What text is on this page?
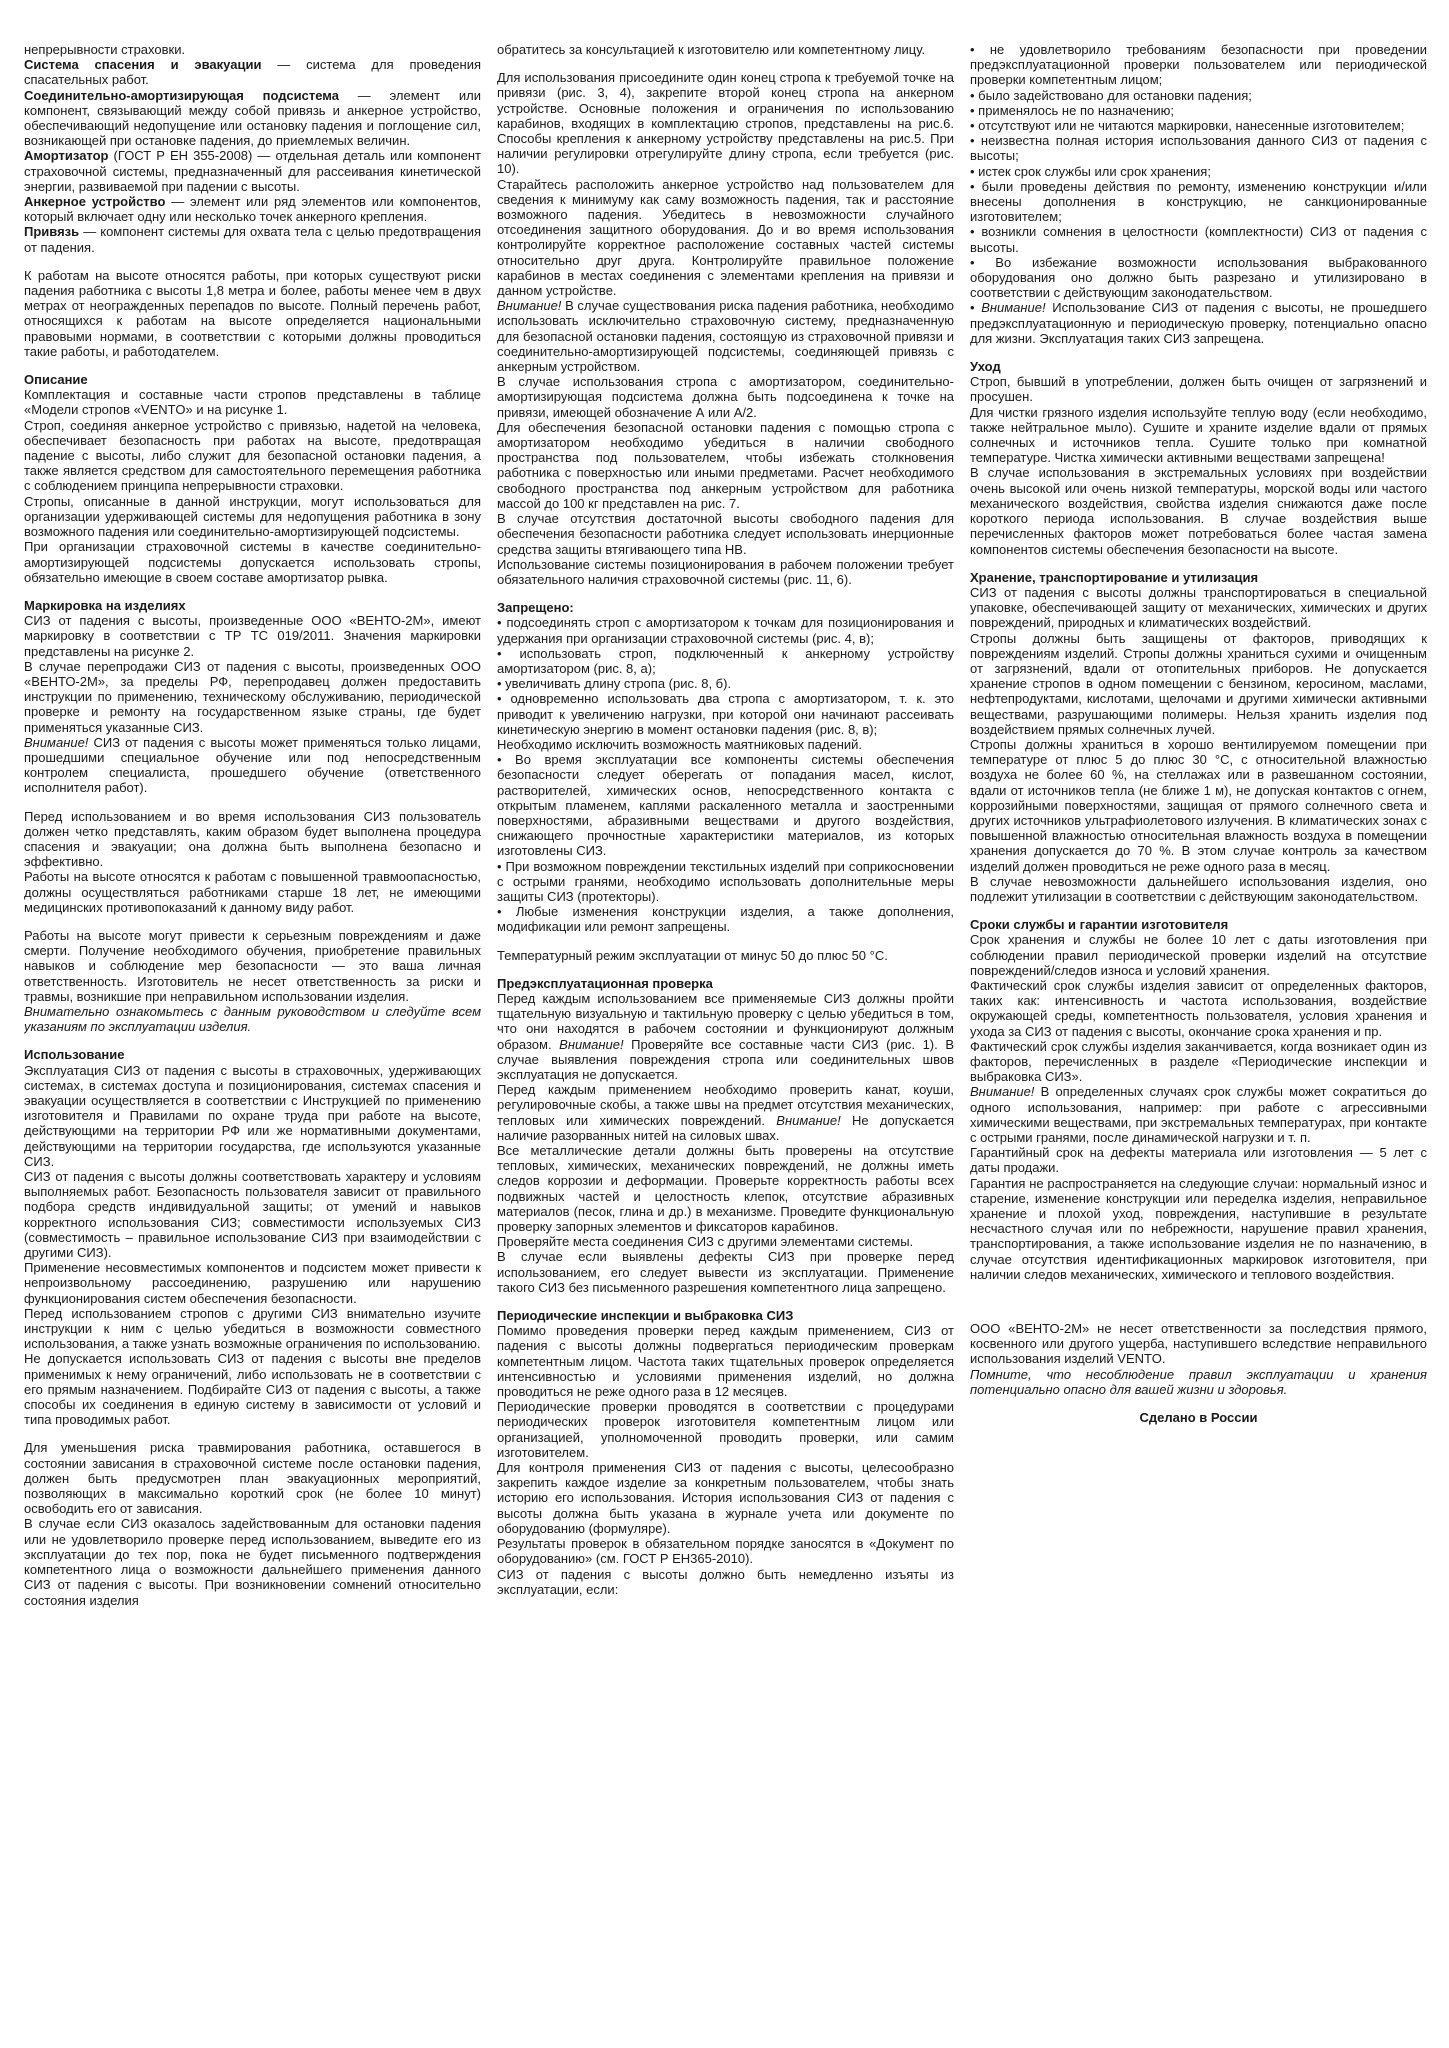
непрерывности страховки.

Система спасения и эвакуации — система для проведения спасательных работ.

Соединительно-амортизирующая подсистема — элемент или компонент, связывающий между собой привязь и анкерное устройство, обеспечивающий недопущение или остановку падения и поглощение сил, возникающей при остановке падения, до приемлемых величин.

Амортизатор (ГОСТ Р ЕН 355-2008) — отдельная деталь или компонент страховочной системы, предназначенный для рассеивания кинетической энергии, развиваемой при падении с высоты.

Анкерное устройство — элемент или ряд элементов или компонентов, который включает одну или несколько точек анкерного крепления.

Привязь — компонент системы для охвата тела с целью предотвращения от падения.

К работам на высоте относятся работы, при которых существуют риски падения работника с высоты 1,8 метра и более, работы менее чем в двух метрах от неогражденных перепадов по высоте. Полный перечень работ, относящихся к работам на высоте определяется национальными правовыми нормами, в соответствии с которыми должны проводиться такие работы, и работодателем.

Описание

Комплектация и составные части стропов представлены в таблице «Модели стропов «VENTO» и на рисунке 1.

Строп, соединяя анкерное устройство с привязью, надетой на человека, обеспечивает безопасность при работах на высоте, предотвращая падение с высоты, либо служит для безопасной остановки падения, а также является средством для самостоятельного перемещения работника с соблюдением принципа непрерывности страховки.

Стропы, описанные в данной инструкции, могут использоваться для организации удерживающей системы для недопущения работника в зону возможного падения или соединительно-амортизирующей подсистемы.

При организации страховочной системы в качестве соединительно-амортизирующей подсистемы допускается использовать стропы, обязательно имеющие в своем составе амортизатор рывка.

Маркировка на изделиях

СИЗ от падения с высоты, произведенные ООО «ВЕНТО-2М», имеют маркировку в соответствии с ТР ТС 019/2011. Значения маркировки представлены на рисунке 2.

В случае перепродажи СИЗ от падения с высоты, произведенных ООО «ВЕНТО-2М», за пределы РФ, перепродавец должен предоставить инструкции по применению, техническому обслуживанию, периодической проверке и ремонту на государственном языке страны, где будет применяться указанные СИЗ.

Внимание! СИЗ от падения с высоты может применяться только лицами, прошедшими специальное обучение или под непосредственным контролем специалиста, прошедшего обучение (ответственного исполнителя работ).

Перед использованием и во время использования СИЗ пользователь должен четко представлять, каким образом будет выполнена процедура спасения и эвакуации; она должна быть выполнена безопасно и эффективно.

Работы на высоте относятся к работам с повышенной травмоопасностью, должны осуществляться работниками старше 18 лет, не имеющими медицинских противопоказаний к данному виду работ.

Работы на высоте могут привести к серьезным повреждениям и даже смерти. Получение необходимого обучения, приобретение правильных навыков и соблюдение мер безопасности — это ваша личная ответственность. Изготовитель не несет ответственность за риски и травмы, возникшие при неправильном использовании изделия.

Внимательно ознакомьтесь с данным руководством и следуйте всем указаниям по эксплуатации изделия.

Использование

Эксплуатация СИЗ от падения с высоты в страховочных, удерживающих системах, в системах доступа и позиционирования, системах спасения и эвакуации осуществляется в соответствии с Инструкцией по применению изготовителя и Правилами по охране труда при работе на высоте, действующими на территории РФ или же нормативными документами, действующими на территории государства, где используются указанные СИЗ.

СИЗ от падения с высоты должны соответствовать характеру и условиям выполняемых работ. Безопасность пользователя зависит от правильного подбора средств индивидуальной защиты; от умений и навыков корректного использования СИЗ; совместимости используемых СИЗ (совместимость – правильное использование СИЗ при взаимодействии с другими СИЗ).

Применение несовместимых компонентов и подсистем может привести к непроизвольному рассоединению, разрушению или нарушению функционирования систем обеспечения безопасности.

Перед использованием стропов с другими СИЗ внимательно изучите инструкции к ним с целью убедиться в возможности совместного использования, а также узнать возможные ограничения по использованию.

Не допускается использовать СИЗ от падения с высоты вне пределов применимых к нему ограничений, либо использовать не в соответствии с его прямым назначением. Подбирайте СИЗ от падения с высоты, а также способы их соединения в единую систему в зависимости от условий и типа проводимых работ.

Для уменьшения риска травмирования работника, оставшегося в состоянии зависания в страховочной системе после остановки падения, должен быть предусмотрен план эвакуационных мероприятий, позволяющих в максимально короткий срок (не более 10 минут) освободить его от зависания.

В случае если СИЗ оказалось задействованным для остановки падения или не удовлетворило проверке перед использованием, выведите его из эксплуатации до тех пор, пока не будет письменного подтверждения компетентного лица о возможности дальнейшего применения данного СИЗ от падения с высоты. При возникновении сомнений относительно состояния изделия

обратитесь за консультацией к изготовителю или компетентному лицу.

Для использования присоедините один конец стропа к требуемой точке на привязи (рис. 3, 4), закрепите второй конец стропа на анкерном устройстве. Основные положения и ограничения по использованию карабинов, входящих в комплектацию стропов, представлены на рис.6. Способы крепления к анкерному устройству представлены на рис.5. При наличии регулировки отрегулируйте длину стропа, если требуется (рис. 10).

Старайтесь расположить анкерное устройство над пользователем для сведения к минимуму как саму возможность падения, так и расстояние возможного падения. Убедитесь в невозможности случайного отсоединения защитного оборудования. До и во время использования контролируйте корректное расположение составных частей системы относительно друг друга. Контролируйте правильное положение карабинов в местах соединения с элементами крепления на привязи и данном устройстве.

Внимание! В случае существования риска падения работника, необходимо использовать исключительно страховочную систему, предназначенную для безопасной остановки падения, состоящую из страховочной привязи и соединительно-амортизирующей подсистемы, соединяющей привязь с анкерным устройством.

В случае использования стропа с амортизатором, соединительно-амортизирующая подсистема должна быть подсоединена к точке на привязи, имеющей обозначение А или А/2.

Для обеспечения безопасной остановки падения с помощью стропа с амортизатором необходимо убедиться в наличии свободного пространства под пользователем, чтобы избежать столкновения работника с поверхностью или иными предметами. Расчет необходимого свободного пространства под анкерным устройством для работника массой до 100 кг представлен на рис. 7.

В случае отсутствия достаточной высоты свободного падения для обеспечения безопасности работника следует использовать инерционные средства защиты втягивающего типа НВ.

Использование системы позиционирования в рабочем положении требует обязательного наличия страховочной системы (рис. 11, 6).

Запрещено:

• подсоединять строп с амортизатором к точкам для позиционирования и удержания при организации страховочной системы (рис. 4, в);

• использовать строп, подключенный к анкерному устройству амортизатором (рис. 8, а);

• увеличивать длину стропа (рис. 8, б).

• одновременно использовать два стропа с амортизатором, т. к. это приводит к увеличению нагрузки, при которой они начинают рассеивать кинетическую энергию в момент остановки падения (рис. 8, в);

Необходимо исключить возможность маятниковых падений.

• Во время эксплуатации все компоненты системы обеспечения безопасности следует оберегать от попадания масел, кислот, растворителей, химических основ, непосредственного контакта с открытым пламенем, каплями раскаленного металла и заостренными поверхностями, абразивными веществами и другого воздействия, снижающего прочностные характеристики материалов, из которых изготовлены СИЗ.

• При возможном повреждении текстильных изделий при соприкосновении с острыми гранями, необходимо использовать дополнительные меры защиты СИЗ (протекторы).

• Любые изменения конструкции изделия, а также дополнения, модификации или ремонт запрещены.

Температурный режим эксплуатации от минус 50 до плюс 50 °С.

Предэксплуатационная проверка

Перед каждым использованием все применяемые СИЗ должны пройти тщательную визуальную и тактильную проверку с целью убедиться в том, что они находятся в рабочем состоянии и функционируют должным образом. Внимание! Проверяйте все составные части СИЗ (рис. 1). В случае выявления повреждения стропа или соединительных швов эксплуатация не допускается.

Перед каждым применением необходимо проверить канат, коуши, регулировочные скобы, а также швы на предмет отсутствия механических, тепловых или химических повреждений. Внимание! Не допускается наличие разорванных нитей на силовых швах.

Все металлические детали должны быть проверены на отсутствие тепловых, химических, механических повреждений, не должны иметь следов коррозии и деформации. Проверьте корректность работы всех подвижных частей и целостность клепок, отсутствие абразивных материалов (песок, глина и др.) в механизме. Проведите функциональную проверку запорных элементов и фиксаторов карабинов.

Проверяйте места соединения СИЗ с другими элементами системы.

В случае если выявлены дефекты СИЗ при проверке перед использованием, его следует вывести из эксплуатации. Применение такого СИЗ без письменного разрешения компетентного лица запрещено.

Периодические инспекции и выбраковка СИЗ

Помимо проведения проверки перед каждым применением, СИЗ от падения с высоты должны подвергаться периодическим проверкам компетентным лицом. Частота таких тщательных проверок определяется интенсивностью и условиями применения изделий, но должна проводиться не реже одного раза в 12 месяцев.

Периодические проверки проводятся в соответствии с процедурами периодических проверок изготовителя компетентным лицом или организацией, уполномоченной проводить проверки, или самим изготовителем.

Для контроля применения СИЗ от падения с высоты, целесообразно закрепить каждое изделие за конкретным пользователем, чтобы знать историю его использования. История использования СИЗ от падения с высоты должна быть указана в журнале учета или документе по оборудованию (формуляре).

Результаты проверок в обязательном порядке заносятся в «Документ по оборудованию» (см. ГОСТ Р ЕН365-2010).

СИЗ от падения с высоты должно быть немедленно изъяты из эксплуатации, если:

• не удовлетворило требованиям безопасности при проведении предэксплуатационной проверки пользователем или периодической проверки компетентным лицом;

• было задействовано для остановки падения;

• применялось не по назначению;

• отсутствуют или не читаются маркировки, нанесенные изготовителем;

• неизвестна полная история использования данного СИЗ от падения с высоты;

• истек срок службы или срок хранения;

• были проведены действия по ремонту, изменению конструкции и/или внесены дополнения в конструкцию, не санкционированные изготовителем;

• возникли сомнения в целостности (комплектности) СИЗ от падения с высоты.

• Во избежание возможности использования выбракованного оборудования оно должно быть разрезано и утилизировано в соответствии с действующим законодательством.

• Внимание! Использование СИЗ от падения с высоты, не прошедшего предэксплуатационную и периодическую проверку, потенциально опасно для жизни. Эксплуатация таких СИЗ запрещена.

Уход

Строп, бывший в употреблении, должен быть очищен от загрязнений и просушен.

Для чистки грязного изделия используйте теплую воду (если необходимо, также нейтральное мыло). Сушите и храните изделие вдали от прямых солнечных и источников тепла. Сушите только при комнатной температуре. Чистка химически активными веществами запрещена!

В случае использования в экстремальных условиях при воздействии очень высокой или очень низкой температуры, морской воды или частого механического воздействия, свойства изделия снижаются даже после короткого периода использования. В случае воздействия выше перечисленных факторов может потребоваться более частая замена компонентов системы обеспечения безопасности на высоте.

Хранение, транспортирование и утилизация

СИЗ от падения с высоты должны транспортироваться в специальной упаковке, обеспечивающей защиту от механических, химических и других повреждений, природных и климатических воздействий.

Стропы должны быть защищены от факторов, приводящих к повреждениям изделий. Стропы должны храниться сухими и очищенным от загрязнений, вдали от отопительных приборов. Не допускается хранение стропов в одном помещении с бензином, керосином, маслами, нефтепродуктами, кислотами, щелочами и другими химически активными веществами, разрушающими полимеры. Нельзя хранить изделия под воздействием прямых солнечных лучей.

Стропы должны храниться в хорошо вентилируемом помещении при температуре от плюс 5 до плюс 30 °С, с относительной влажностью воздуха не более 60 %, на стеллажах или в развешанном состоянии, вдали от источников тепла (не ближе 1 м), не допуская контактов с огнем, коррозийными поверхностями, защищая от прямого солнечного света и других источников ультрафиолетового излучения. В климатических зонах с повышенной влажностью относительная влажность воздуха в помещении хранения допускается до 70 %. В этом случае контроль за качеством изделий должен проводиться не реже одного раза в месяц.

В случае невозможности дальнейшего использования изделия, оно подлежит утилизации в соответствии с действующим законодательством.

Сроки службы и гарантии изготовителя

Срок хранения и службы не более 10 лет с даты изготовления при соблюдении правил периодической проверки изделий на отсутствие повреждений/следов износа и условий хранения.

Фактический срок службы изделия зависит от определенных факторов, таких как: интенсивность и частота использования, воздействие окружающей среды, компетентность пользователя, условия хранения и ухода за СИЗ от падения с высоты, окончание срока хранения и пр.

Фактический срок службы изделия заканчивается, когда возникает один из факторов, перечисленных в разделе «Периодические инспекции и выбраковка СИЗ».

Внимание! В определенных случаях срок службы может сократиться до одного использования, например: при работе с агрессивными химическими веществами, при экстремальных температурах, при контакте с острыми гранями, после динамической нагрузки и т. п.

Гарантийный срок на дефекты материала или изготовления — 5 лет с даты продажи.

Гарантия не распространяется на следующие случаи: нормальный износ и старение, изменение конструкции или переделка изделия, неправильное хранение и плохой уход, повреждения, наступившие в результате несчастного случая или по небрежности, нарушение правил хранения, транспортирования, а также использование изделия не по назначению, в случае отсутствия идентификационных маркировок изготовителя, при наличии следов механических, химического и теплового воздействия.

ООО «ВЕНТО-2М» не несет ответственности за последствия прямого, косвенного или другого ущерба, наступившего вследствие неправильного использования изделий VENTO.

Помните, что несоблюдение правил эксплуатации и хранения потенциально опасно для вашей жизни и здоровья.

Сделано в России
